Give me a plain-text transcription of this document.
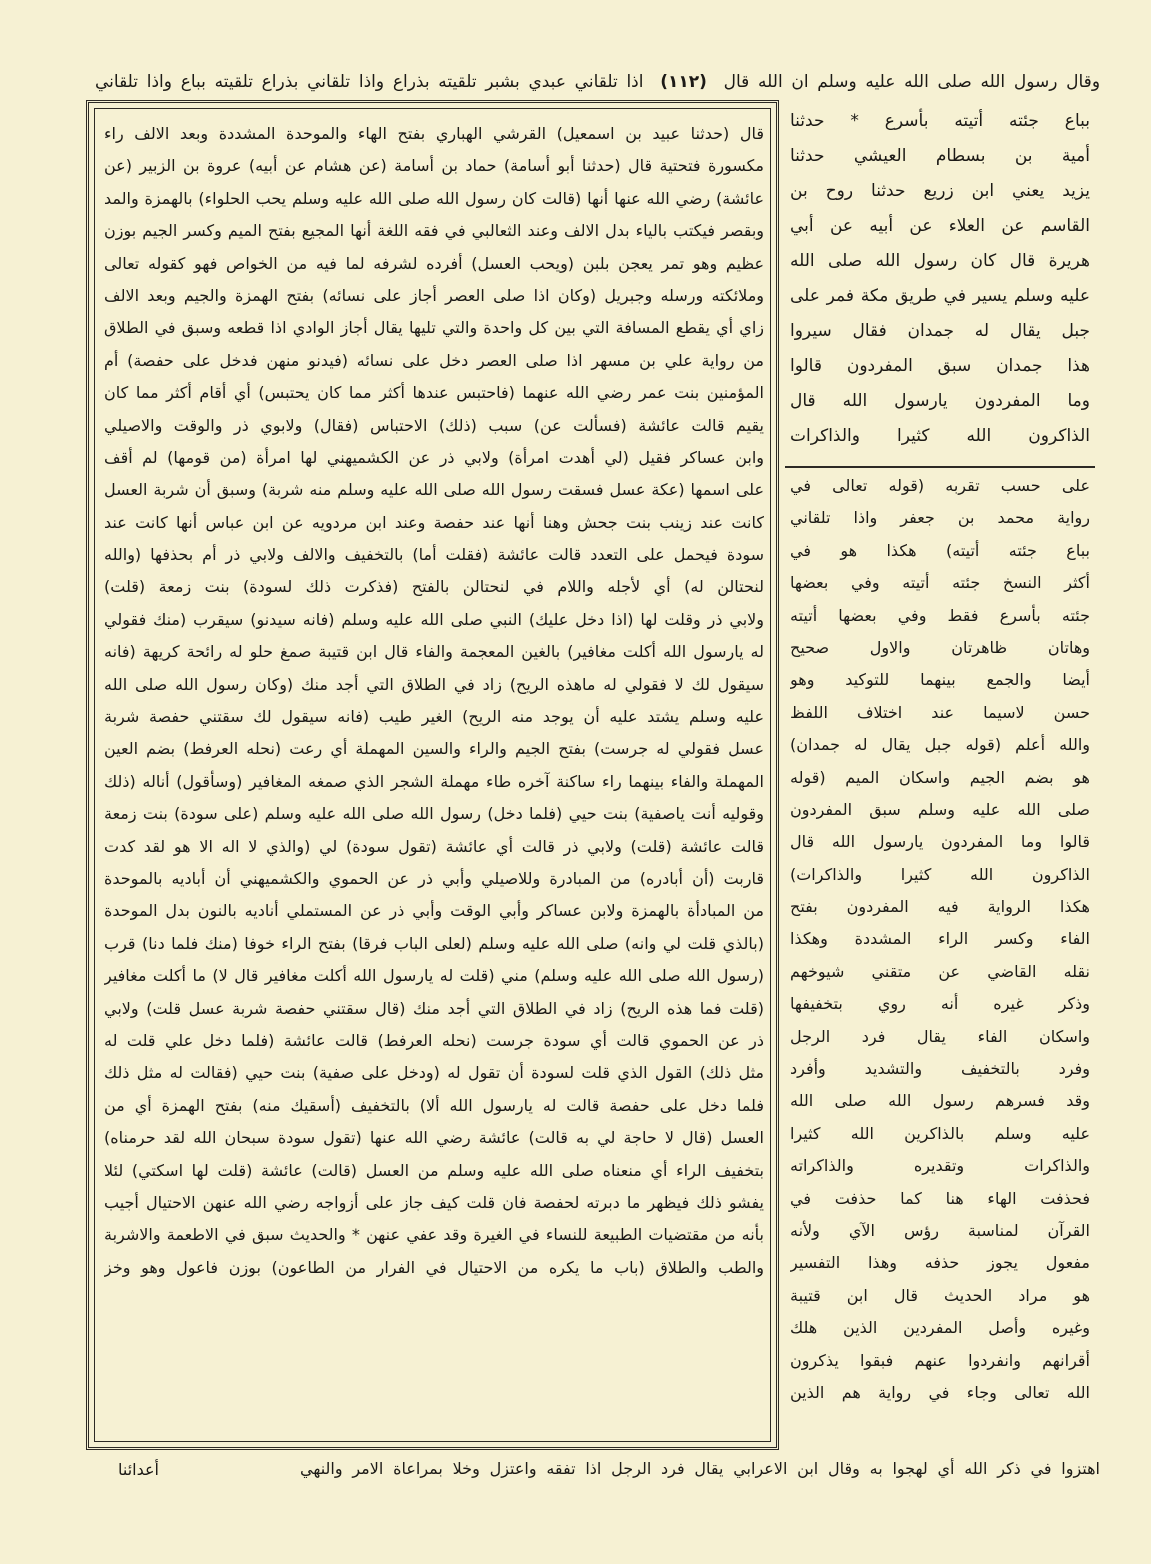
وقال رسول الله صلى الله عليه وسلم ان الله قال (١١٢) اذا تلقاني عبدي بشبر تلقيته بذراع واذا تلقاني بذراع تلقيته بباع واذا تلقاني
بباع جئته أتيته بأسرع * حدثنا
أمية بن بسطام العيشي حدثنا
يزيد يعني ابن زريع حدثنا روح بن
القاسم عن العلاء عن أبيه عن أبي
هريرة قال كان رسول الله صلى الله
عليه وسلم يسير في طريق مكة فمر على
جبل يقال له جمدان فقال سيروا
هذا جمدان سبق المفردون قالوا
وما المفردون يارسول الله قال
الذاكرون الله كثيرا والذاكرات
على حسب تقربه (قوله تعالى في
رواية محمد بن جعفر واذا تلقاني
بباع جئته أتيته) هكذا هو في
أكثر النسخ جئته أتيته وفي بعضها
جئته بأسرع فقط وفي بعضها أتيته
وهاتان ظاهرتان والاول صحيح
أيضا والجمع بينهما للتوكيد وهو
حسن لاسيما عند اختلاف اللفظ
والله أعلم (قوله جبل يقال له جمدان)
هو بضم الجيم واسكان الميم (قوله
صلى الله عليه وسلم سبق المفردون
قالوا وما المفردون يارسول الله قال
الذاكرون الله كثيرا والذاكرات)
هكذا الرواية فيه المفردون بفتح
الفاء وكسر الراء المشددة وهكذا
نقله القاضي عن متقني شيوخهم
وذكر غيره أنه روي بتخفيفها
واسكان الفاء يقال فرد الرجل
وفرد بالتخفيف والتشديد وأفرد
وقد فسرهم رسول الله صلى الله
عليه وسلم بالذاكرين الله كثيرا
والذاكرات وتقديره والذاكراته
فحذفت الهاء هنا كما حذفت في
القرآن لمناسبة رؤس الآي ولأنه
مفعول يجوز حذفه وهذا التفسير
هو مراد الحديث قال ابن قتيبة
وغيره وأصل المفردين الذين هلك
أقرانهم وانفردوا عنهم فبقوا يذكرون
الله تعالى وجاء في رواية هم الذين
قال (حدثنا عبيد بن اسمعيل) القرشي الهباري بفتح الهاء والموحدة المشددة وبعد الالف راء
مكسورة فتحتية قال (حدثنا أبو أسامة) حماد بن أسامة (عن هشام عن أبيه) عروة بن الزبير (عن
عائشة) رضي الله عنها أنها (قالت كان رسول الله صلى الله عليه وسلم يحب الحلواء) بالهمزة والمد
وبقصر فيكتب بالياء بدل الالف وعند الثعالبي في فقه اللغة أنها المجيع بفتح الميم وكسر الجيم بوزن
عظيم وهو تمر يعجن بلبن (ويحب العسل) أفرده لشرفه لما فيه من الخواص فهو كقوله تعالى
وملائكته ورسله وجبريل (وكان اذا صلى العصر أجاز على نسائه) بفتح الهمزة والجيم وبعد الالف
زاي أي يقطع المسافة التي بين كل واحدة والتي تليها يقال أجاز الوادي اذا قطعه وسبق في الطلاق
من رواية علي بن مسهر اذا صلى العصر دخل على نسائه (فيدنو منهن فدخل على حفصة) أم
المؤمنين بنت عمر رضي الله عنهما (فاحتبس عندها أكثر مما كان يحتبس) أي أقام أكثر مما كان
يقيم قالت عائشة (فسألت عن) سبب (ذلك) الاحتباس (فقال) ولابوي ذر والوقت والاصيلي
وابن عساكر فقيل (لي أهدت امرأة) ولابي ذر عن الكشميهني لها امرأة (من قومها) لم أقف
على اسمها (عكة عسل فسقت رسول الله صلى الله عليه وسلم منه شربة) وسبق أن شربة العسل
كانت عند زينب بنت جحش وهنا أنها عند حفصة وعند ابن مردويه عن ابن عباس أنها كانت عند
سودة فيحمل على التعدد قالت عائشة (فقلت أما) بالتخفيف والالف ولابي ذر أم بحذفها (والله
لنحتالن له) أي لأجله واللام في لنحتالن بالفتح (فذكرت ذلك لسودة) بنت زمعة (قلت)
ولابي ذر وقلت لها (اذا دخل عليك) النبي صلى الله عليه وسلم (فانه سيدنو) سيقرب (منك فقولي
له يارسول الله أكلت مغافير) بالغين المعجمة والفاء قال ابن قتيبة صمغ حلو له رائحة كريهة (فانه
سيقول لك لا فقولي له ماهذه الريح) زاد في الطلاق التي أجد منك (وكان رسول الله صلى الله
عليه وسلم يشتد عليه أن يوجد منه الريح) الغير طيب (فانه سيقول لك سقتني حفصة شربة
عسل فقولي له جرست) بفتح الجيم والراء والسين المهملة أي رعت (نحله العرفط) بضم العين
المهملة والفاء بينهما راء ساكنة آخره طاء مهملة الشجر الذي صمغه المغافير (وسأقول) أناله (ذلك
وقوليه أنت ياصفية) بنت حيي (فلما دخل) رسول الله صلى الله عليه وسلم (على سودة) بنت زمعة
قالت عائشة (قلت) ولابي ذر قالت أي عائشة (تقول سودة) لي (والذي لا اله الا هو لقد كدت
قاربت (أن أبادره) من المبادرة وللاصيلي وأبي ذر عن الحموي والكشميهني أن أباديه بالموحدة
من المبادأة بالهمزة ولابن عساكر وأبي الوقت وأبي ذر عن المستملي أناديه بالنون بدل الموحدة
(بالذي قلت لي وانه) صلى الله عليه وسلم (لعلى الباب فرقا) بفتح الراء خوفا (منك فلما دنا) قرب
(رسول الله صلى الله عليه وسلم) مني (قلت له يارسول الله أكلت مغافير قال لا) ما أكلت مغافير
(قلت فما هذه الريح) زاد في الطلاق التي أجد منك (قال سقتني حفصة شربة عسل قلت) ولابي
ذر عن الحموي قالت أي سودة جرست (نحله العرفط) قالت عائشة (فلما دخل علي قلت له
مثل ذلك) القول الذي قلت لسودة أن تقول له (ودخل على صفية) بنت حيي (فقالت له مثل ذلك
فلما دخل على حفصة قالت له يارسول الله ألا) بالتخفيف (أسقيك منه) بفتح الهمزة أي من
العسل (قال لا حاجة لي به قالت) عائشة رضي الله عنها (تقول سودة سبحان الله لقد حرمناه)
بتخفيف الراء أي منعناه صلى الله عليه وسلم من العسل (قالت) عائشة (قلت لها اسكتي) لئلا
يفشو ذلك فيظهر ما دبرته لحفصة فان قلت كيف جاز على أزواجه رضي الله عنهن الاحتيال أجيب
بأنه من مقتضيات الطبيعة للنساء في الغيرة وقد عفي عنهن * والحديث سبق في الاطعمة والاشربة
والطب والطلاق (باب ما يكره من الاحتيال في الفرار من الطاعون) بوزن فاعول وهو وخز
اهتزوا في ذكر الله أي لهجوا به وقال ابن الاعرابي يقال فرد الرجل اذا تفقه واعتزل وخلا بمراعاة الامر والنهي
أعدائنا
